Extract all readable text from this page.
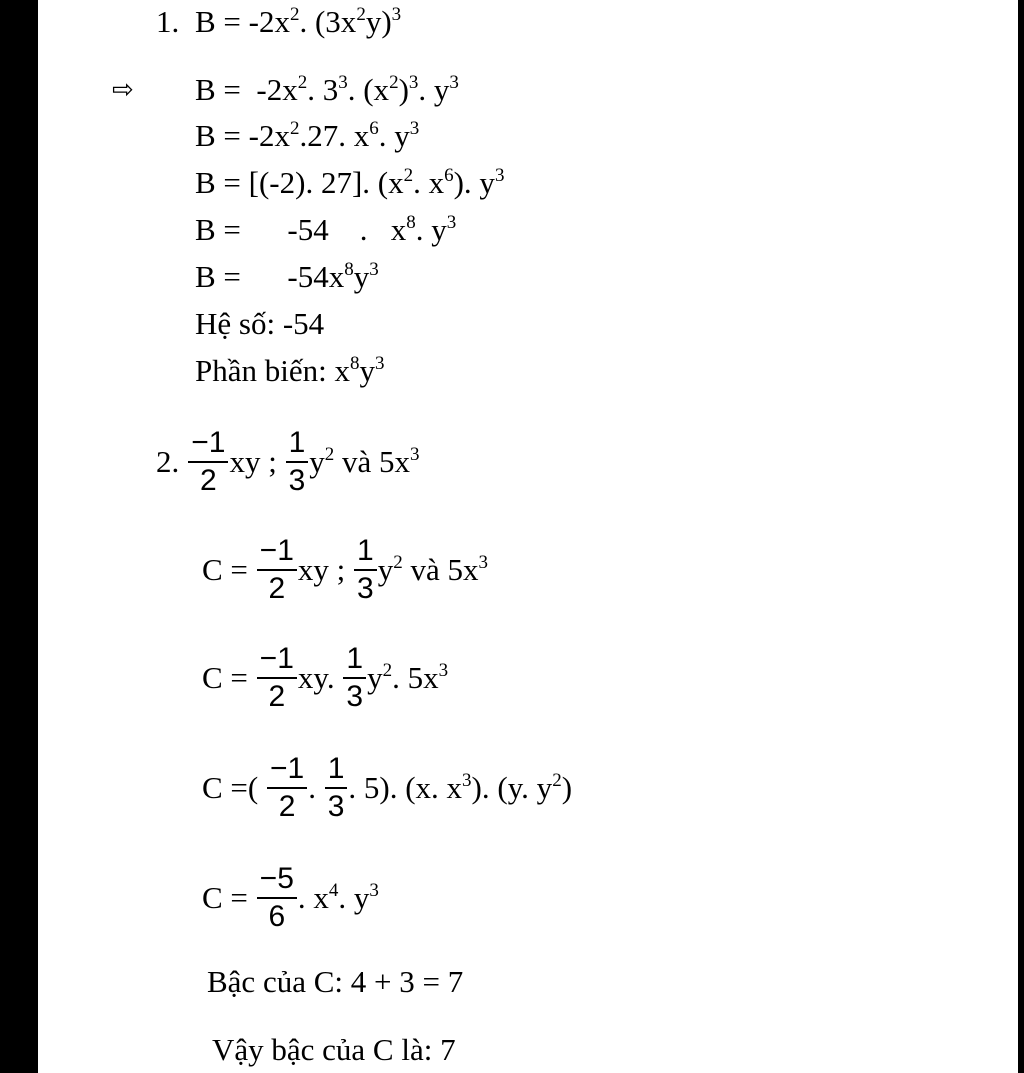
1. $B = -2x^2$. $(3x^2y)^3$
⇨ $B = -2x^2$. $3^3$. $(x^2)^3$. $y^3$
$B = -2x^2.27$. $x^6$. $y^3$
B = [(-2). 27]. ($x^2$. $x^6$). $y^3$
B =      -54    .   $x^8$. $y^3$
B =      $-54x^8y^3$
Hệ số: -54
Phần biến: $x^8y^3$
2. $\frac{-1}{2}$ xy ; $\frac{1}{3} y^2$ và $5x^3$
$C = \frac{-1}{2}$ xy ; $\frac{1}{3} y^2$ và $5x^3$
$C = \frac{-1}{2}$ xy. $\frac{1}{3} y^2$. $5x^3$
C =( $\frac{-1}{2}$ . $\frac{1}{3}$ . 5). (x. $x^3$). (y. $y^2$)
$C = \frac{-5}{6}$ . $x^4$. $y^3$
Bậc của C: 4 + 3 = 7
Vậy bậc của C là: 7
